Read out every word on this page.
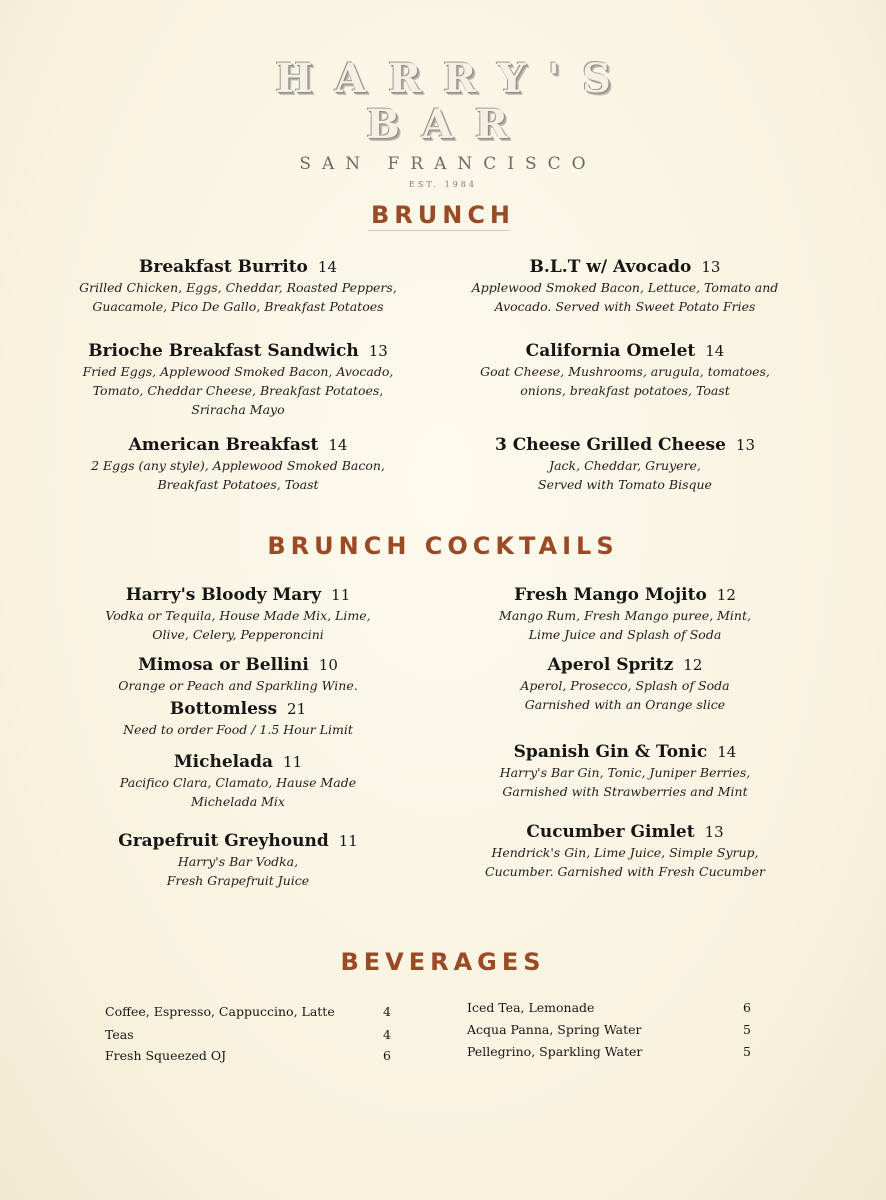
HARRY'S
BAR
SAN FRANCISCO
EST. 1984
BRUNCH
Breakfast Burrito 14
Grilled Chicken, Eggs, Cheddar, Roasted Peppers,
Guacamole, Pico De Gallo, Breakfast Potatoes
B.L.T w/ Avocado 13
Applewood Smoked Bacon, Lettuce, Tomato and
Avocado. Served with Sweet Potato Fries
Brioche Breakfast Sandwich 13
Fried Eggs, Applewood Smoked Bacon, Avocado,
Tomato, Cheddar Cheese, Breakfast Potatoes,
Sriracha Mayo
California Omelet 14
Goat Cheese, Mushrooms, arugula, tomatoes,
onions, breakfast potatoes, Toast
American Breakfast 14
2 Eggs (any style), Applewood Smoked Bacon,
Breakfast Potatoes, Toast
3 Cheese Grilled Cheese 13
Jack, Cheddar, Gruyere,
Served with Tomato Bisque
BRUNCH COCKTAILS
Harry's Bloody Mary 11
Vodka or Tequila, House Made Mix, Lime,
Olive, Celery, Pepperoncini
Fresh Mango Mojito 12
Mango Rum, Fresh Mango puree, Mint,
Lime Juice and Splash of Soda
Mimosa or Bellini 10
Orange or Peach and Sparkling Wine.
Aperol Spritz 12
Aperol, Prosecco, Splash of Soda
Garnished with an Orange slice
Bottomless 21
Need to order Food / 1.5 Hour Limit
Michelada 11
Pacifico Clara, Clamato, Hause Made
Michelada Mix
Spanish Gin & Tonic 14
Harry's Bar Gin, Tonic, Juniper Berries,
Garnished with Strawberries and Mint
Grapefruit Greyhound 11
Harry's Bar Vodka,
Fresh Grapefruit Juice
Cucumber Gimlet 13
Hendrick's Gin, Lime Juice, Simple Syrup,
Cucumber. Garnished with Fresh Cucumber
BEVERAGES
Coffee, Espresso, Cappuccino, Latte	4
Teas	4
Fresh Squeezed OJ	6
Iced Tea, Lemonade	6
Acqua Panna, Spring Water	5
Pellegrino, Sparkling Water	5
